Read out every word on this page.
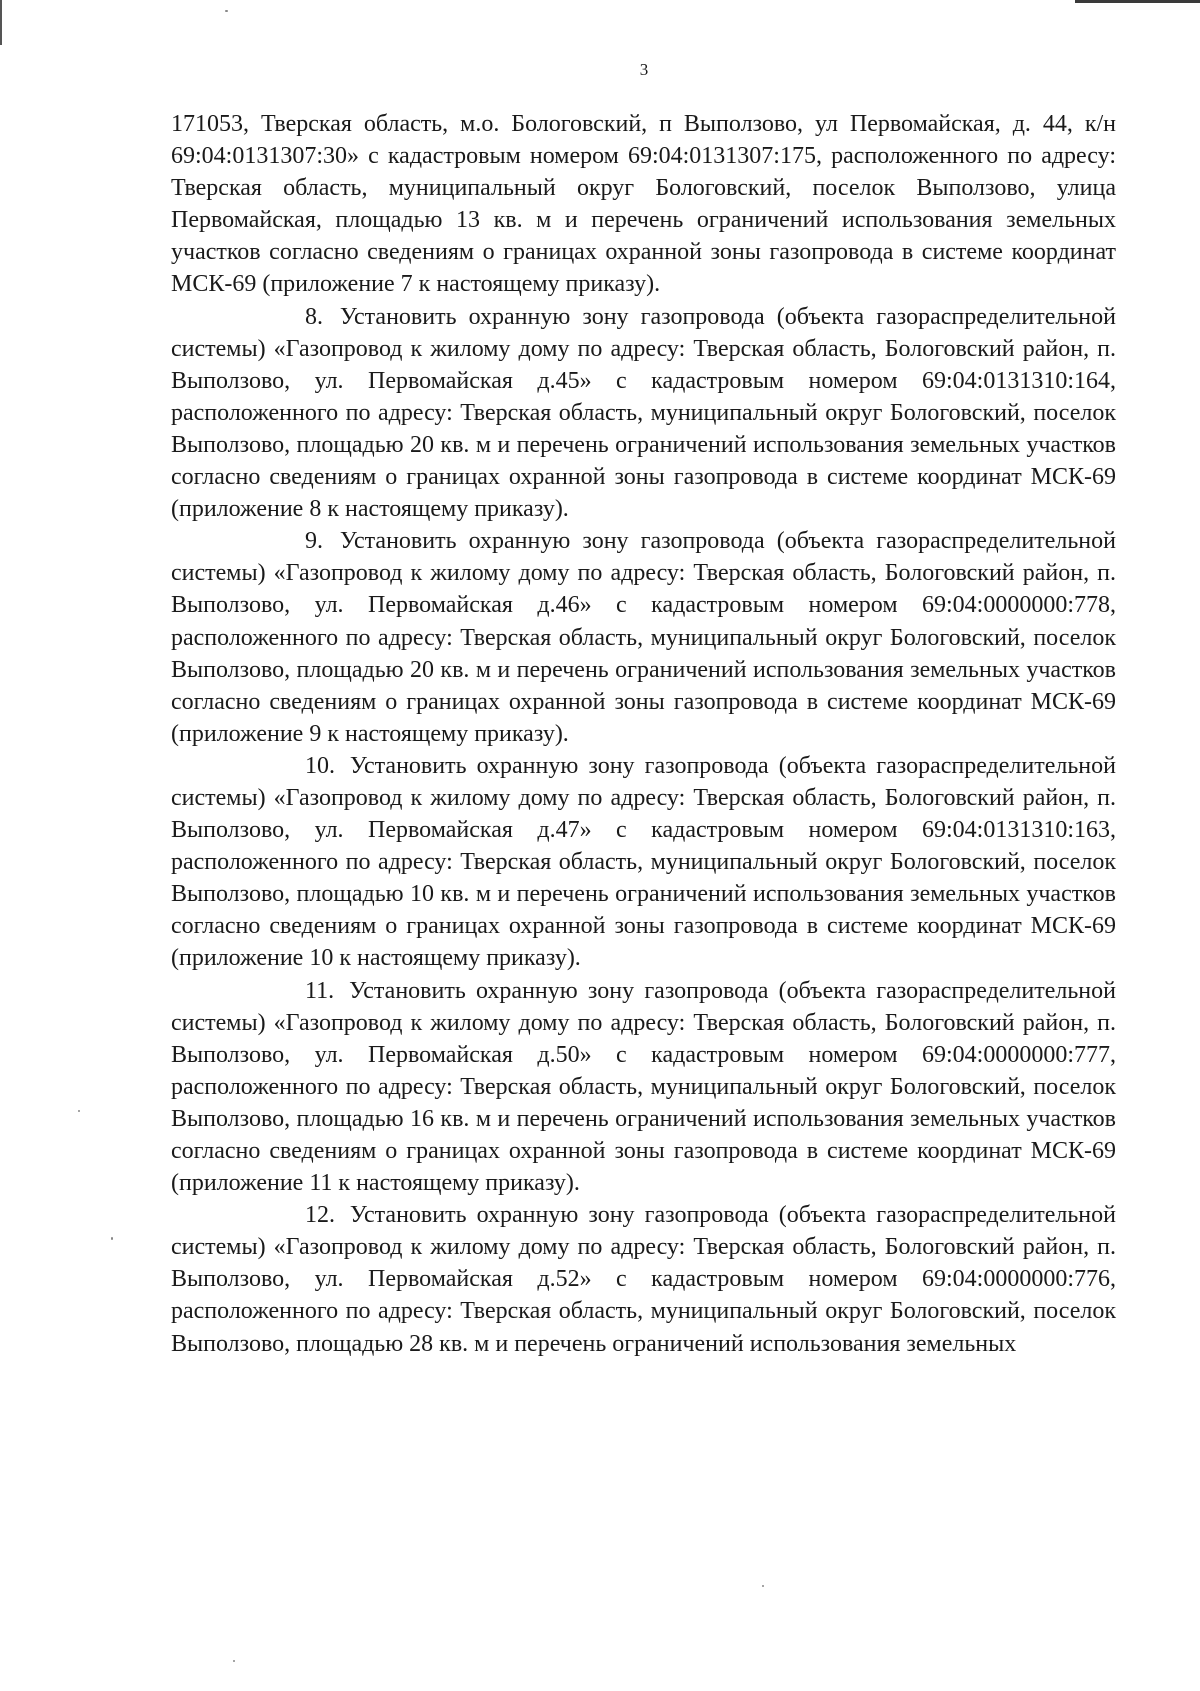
3

171053, Тверская область, м.о. Бологовский, п Выползово, ул Первомайская, д. 44, к/н 69:04:0131307:30» с кадастровым номером 69:04:0131307:175, расположенного по адресу: Тверская область, муниципальный округ Бологовский, поселок Выползово, улица Первомайская, площадью 13 кв. м и перечень ограничений использования земельных участков согласно сведениям о границах охранной зоны газопровода в системе координат МСК-69 (приложение 7 к настоящему приказу).

8. Установить охранную зону газопровода (объекта газораспределительной системы) «Газопровод к жилому дому по адресу: Тверская область, Бологовский район, п. Выползово, ул. Первомайская д.45» с кадастровым номером 69:04:0131310:164, расположенного по адресу: Тверская область, муниципальный округ Бологовский, поселок Выползово, площадью 20 кв. м и перечень ограничений использования земельных участков согласно сведениям о границах охранной зоны газопровода в системе координат МСК-69 (приложение 8 к настоящему приказу).

9. Установить охранную зону газопровода (объекта газораспределительной системы) «Газопровод к жилому дому по адресу: Тверская область, Бологовский район, п. Выползово, ул. Первомайская д.46» с кадастровым номером 69:04:0000000:778, расположенного по адресу: Тверская область, муниципальный округ Бологовский, поселок Выползово, площадью 20 кв. м и перечень ограничений использования земельных участков согласно сведениям о границах охранной зоны газопровода в системе координат МСК-69 (приложение 9 к настоящему приказу).

10. Установить охранную зону газопровода (объекта газораспределительной системы) «Газопровод к жилому дому по адресу: Тверская область, Бологовский район, п. Выползово, ул. Первомайская д.47» с кадастровым номером 69:04:0131310:163, расположенного по адресу: Тверская область, муниципальный округ Бологовский, поселок Выползово, площадью 10 кв. м и перечень ограничений использования земельных участков согласно сведениям о границах охранной зоны газопровода в системе координат МСК-69 (приложение 10 к настоящему приказу).

11. Установить охранную зону газопровода (объекта газораспределительной системы) «Газопровод к жилому дому по адресу: Тверская область, Бологовский район, п. Выползово, ул. Первомайская д.50» с кадастровым номером 69:04:0000000:777, расположенного по адресу: Тверская область, муниципальный округ Бологовский, поселок Выползово, площадью 16 кв. м и перечень ограничений использования земельных участков согласно сведениям о границах охранной зоны газопровода в системе координат МСК-69 (приложение 11 к настоящему приказу).

12. Установить охранную зону газопровода (объекта газораспределительной системы) «Газопровод к жилому дому по адресу: Тверская область, Бологовский район, п. Выползово, ул. Первомайская д.52» с кадастровым номером 69:04:0000000:776, расположенного по адресу: Тверская область, муниципальный округ Бологовский, поселок Выползово, площадью 28 кв. м и перечень ограничений использования земельных
